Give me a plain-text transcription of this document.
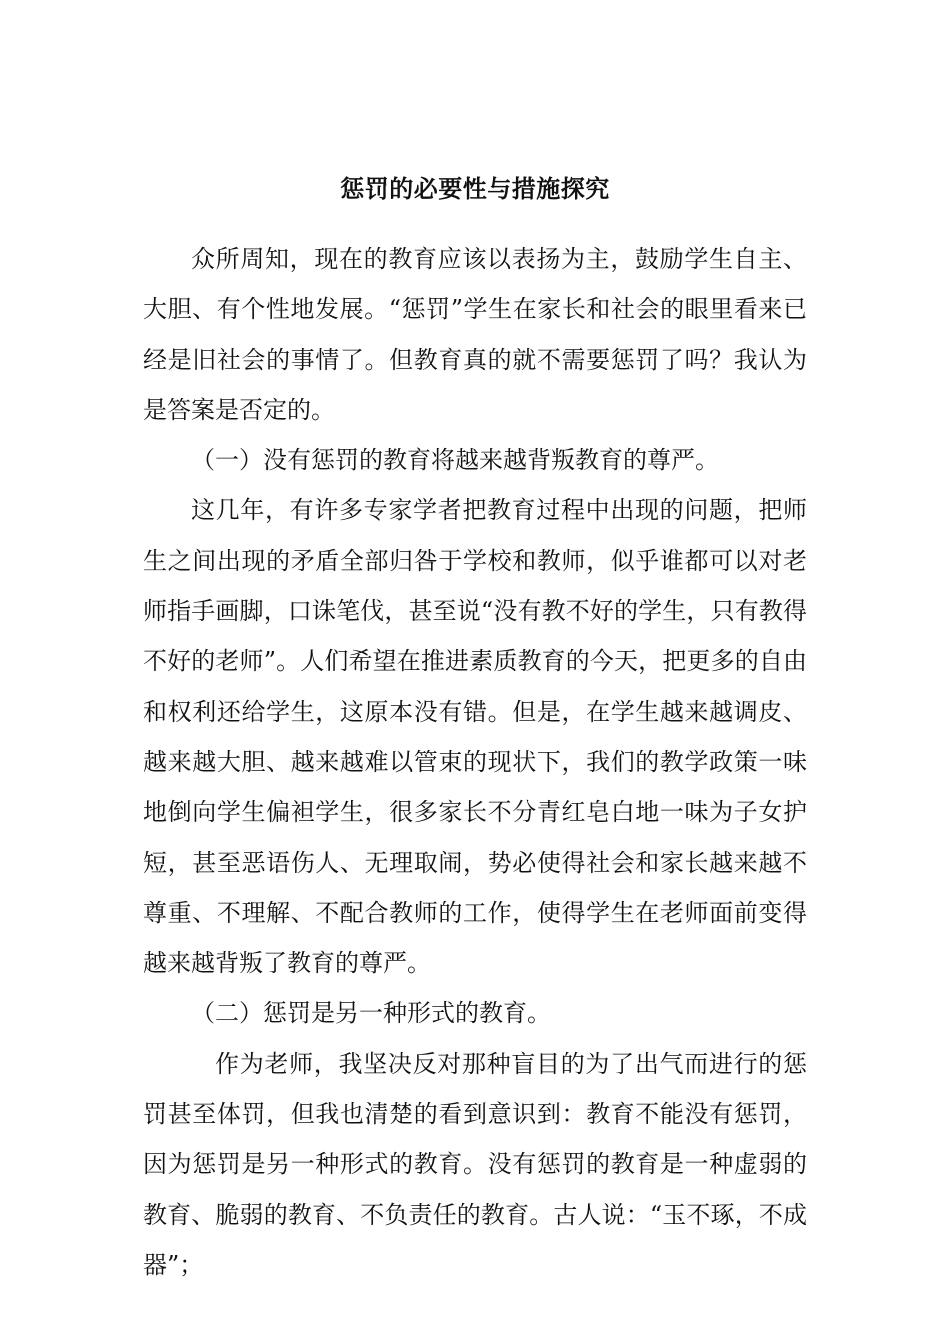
惩罚的必要性与措施探究

众所周知，现在的教育应该以表扬为主，鼓励学生自主、大胆、有个性地发展。“惩罚”学生在家长和社会的眼里看来已经是旧社会的事情了。但教育真的就不需要惩罚了吗？我认为是答案是否定的。

（一）没有惩罚的教育将越来越背叛教育的尊严。

这几年，有许多专家学者把教育过程中出现的问题，把师生之间出现的矛盾全部归咎于学校和教师，似乎谁都可以对老师指手画脚，口诛笔伐，甚至说“没有教不好的学生，只有教得不好的老师”。人们希望在推进素质教育的今天，把更多的自由和权利还给学生，这原本没有错。但是，在学生越来越调皮、越来越大胆、越来越难以管束的现状下，我们的教学政策一味地倒向学生偏袒学生，很多家长不分青红皂白地一味为子女护短，甚至恶语伤人、无理取闹，势必使得社会和家长越来越不尊重、不理解、不配合教师的工作，使得学生在老师面前变得越来越背叛了教育的尊严。

（二）惩罚是另一种形式的教育。

作为老师，我坚决反对那种盲目的为了出气而进行的惩罚甚至体罚，但我也清楚的看到意识到：教育不能没有惩罚，因为惩罚是另一种形式的教育。没有惩罚的教育是一种虚弱的教育、脆弱的教育、不负责任的教育。古人说：“玉不琢，不成器”；
